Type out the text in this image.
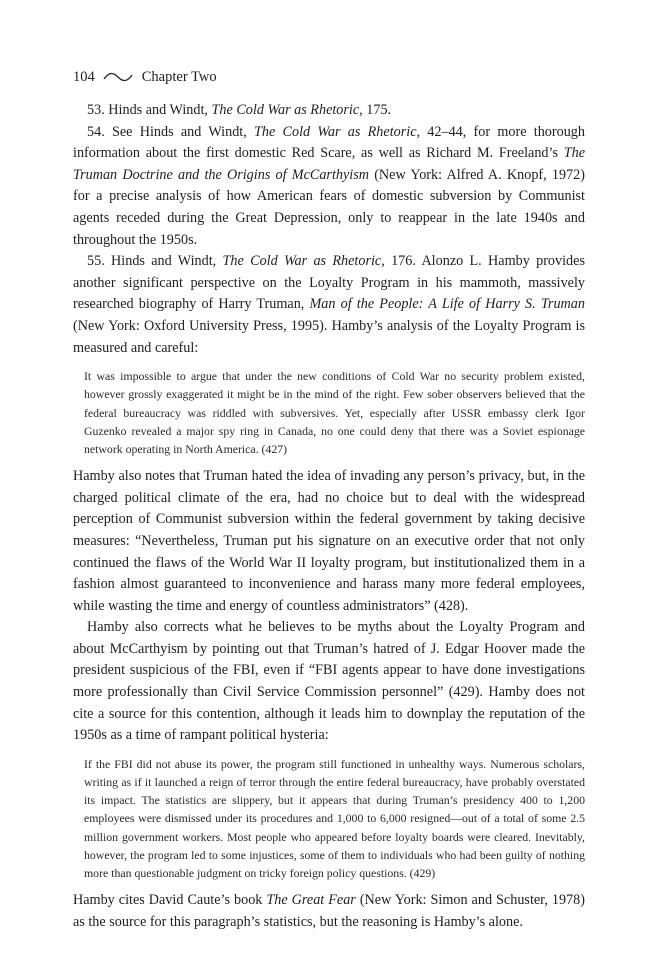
104	Chapter Two

53. Hinds and Windt, The Cold War as Rhetoric, 175.

54. See Hinds and Windt, The Cold War as Rhetoric, 42–44, for more thorough information about the first domestic Red Scare, as well as Richard M. Freeland’s The Truman Doctrine and the Origins of McCarthyism (New York: Alfred A. Knopf, 1972) for a precise analysis of how American fears of domestic subversion by Communist agents receded during the Great Depression, only to reappear in the late 1940s and throughout the 1950s.

55. Hinds and Windt, The Cold War as Rhetoric, 176. Alonzo L. Hamby provides another significant perspective on the Loyalty Program in his mammoth, massively researched biography of Harry Truman, Man of the People: A Life of Harry S. Truman (New York: Oxford University Press, 1995). Hamby’s analysis of the Loyalty Program is measured and careful:

It was impossible to argue that under the new conditions of Cold War no security problem existed, however grossly exaggerated it might be in the mind of the right. Few sober observers believed that the federal bureaucracy was riddled with subversives. Yet, especially after USSR embassy clerk Igor Guzenko revealed a major spy ring in Canada, no one could deny that there was a Soviet espionage network operating in North America. (427)

Hamby also notes that Truman hated the idea of invading any person’s privacy, but, in the charged political climate of the era, had no choice but to deal with the widespread perception of Communist subversion within the federal government by taking decisive measures: “Nevertheless, Truman put his signature on an executive order that not only continued the flaws of the World War II loyalty program, but institutionalized them in a fashion almost guaranteed to inconvenience and harass many more federal employees, while wasting the time and energy of countless administrators” (428).

Hamby also corrects what he believes to be myths about the Loyalty Program and about McCarthyism by pointing out that Truman’s hatred of J. Edgar Hoover made the president suspicious of the FBI, even if “FBI agents appear to have done investigations more professionally than Civil Service Commission personnel” (429). Hamby does not cite a source for this contention, although it leads him to downplay the reputation of the 1950s as a time of rampant political hysteria:

If the FBI did not abuse its power, the program still functioned in unhealthy ways. Numerous scholars, writing as if it launched a reign of terror through the entire federal bureaucracy, have probably overstated its impact. The statistics are slippery, but it appears that during Truman’s presidency 400 to 1,200 employees were dismissed under its procedures and 1,000 to 6,000 resigned—out of a total of some 2.5 million government workers. Most people who appeared before loyalty boards were cleared. Inevitably, however, the program led to some injustices, some of them to individuals who had been guilty of nothing more than questionable judgment on tricky foreign policy questions. (429)

Hamby cites David Caute’s book The Great Fear (New York: Simon and Schuster, 1978) as the source for this paragraph’s statistics, but the reasoning is Hamby’s alone.
